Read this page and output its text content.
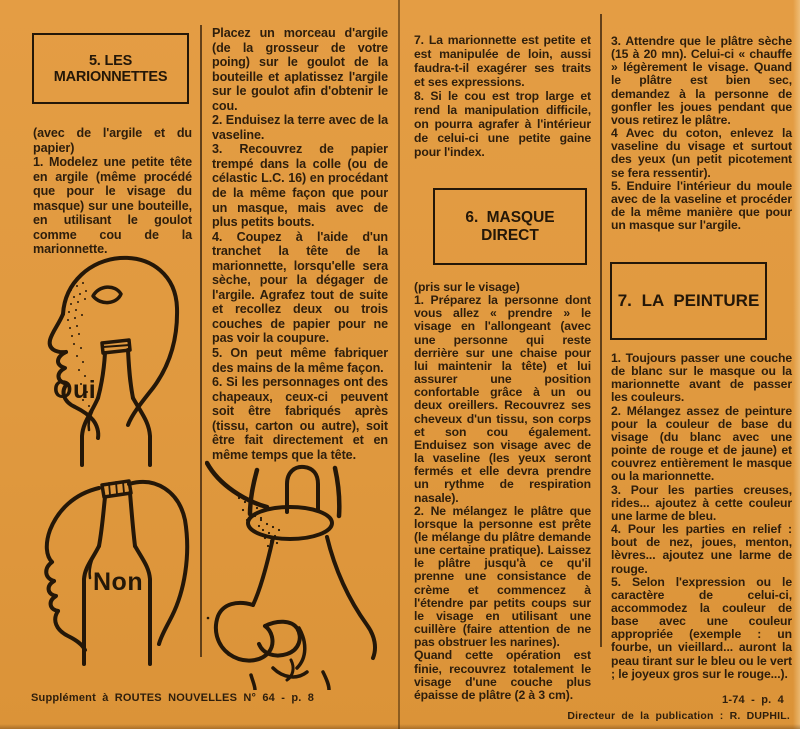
5. LES MARIONNETTES

(avec de l'argile et du papier)

1. Modelez une petite tête en argile (même procédé que pour le visage du masque) sur une bouteille, en utilisant le goulot comme cou de la marionnette.

Placez un morceau d'argile (de la grosseur de votre poing) sur le goulot de la bouteille et aplatissez l'argile sur le goulot afin d'obtenir le cou.

2. Enduisez la terre avec de la vaseline.

3. Recouvrez de papier trempé dans la colle (ou de célastic L.C. 16) en procédant de la même façon que pour un masque, mais avec de plus petits bouts.

4. Coupez à l'aide d'un tranchet la tête de la marionnette, lorsqu'elle sera sèche, pour la dégager de l'argile. Agrafez tout de suite et recollez deux ou trois couches de papier pour ne pas voir la coupure.

5. On peut même fabriquer des mains de la même façon.

6. Si les personnages ont des chapeaux, ceux-ci peuvent soit être fabriqués après (tissu, carton ou autre), soit être fait directement et en même temps que la tête.

7. La marionnette est petite et est manipulée de loin, aussi faudra-t-il exagérer ses traits et ses expressions.

8. Si le cou est trop large et rend la manipulation difficile, on pourra agrafer à l'intérieur de celui-ci une petite gaine pour l'index.

6. MASQUE DIRECT

(pris sur le visage)

1. Préparez la personne dont vous allez « prendre » le visage en l'allongeant (avec une personne qui reste derrière sur une chaise pour lui maintenir la tête) et lui assurer une position confortable grâce à un ou deux oreillers. Recouvrez ses cheveux d'un tissu, son corps et son cou également. Enduisez son visage avec de la vaseline (les yeux seront fermés et elle devra prendre un rythme de respiration nasale).

2. Ne mélangez le plâtre que lorsque la personne est prête (le mélange du plâtre demande une certaine pratique). Laissez le plâtre jusqu'à ce qu'il prenne une consistance de crème et commencez à l'étendre par petits coups sur le visage en utilisant une cuillère (faire attention de ne pas obstruer les narines).

Quand cette opération est finie, recouvrez totalement le visage d'une couche plus épaisse de plâtre (2 à 3 cm).

3. Attendre que le plâtre sèche (15 à 20 mn). Celui-ci « chauffe » légèrement le visage. Quand le plâtre est bien sec, demandez à la personne de gonfler les joues pendant que vous retirez le plâtre.

4 Avec du coton, enlevez la vaseline du visage et surtout des yeux (un petit picotement se fera ressentir).

5. Enduire l'intérieur du moule avec de la vaseline et procéder de la même manière que pour un masque sur l'argile.

7. LA PEINTURE

1. Toujours passer une couche de blanc sur le masque ou la marionnette avant de passer les couleurs.

2. Mélangez assez de peinture pour la couleur de base du visage (du blanc avec une pointe de rouge et de jaune) et couvrez entièrement le masque ou la marionnette.

3. Pour les parties creuses, rides... ajoutez à cette couleur une larme de bleu.

4. Pour les parties en relief : bout de nez, joues, menton, lèvres... ajoutez une larme de rouge.

5. Selon l'expression ou le caractère de celui-ci, accommodez la couleur de base avec une couleur appropriée (exemple : un fourbe, un vieillard... auront la peau tirant sur le bleu ou le vert ; le joyeux gros sur le rouge...).

Oui
Non
Supplément à ROUTES NOUVELLES N° 64 - p. 8	1-74 - p. 4
Directeur de la publication : R. DUPHIL.
